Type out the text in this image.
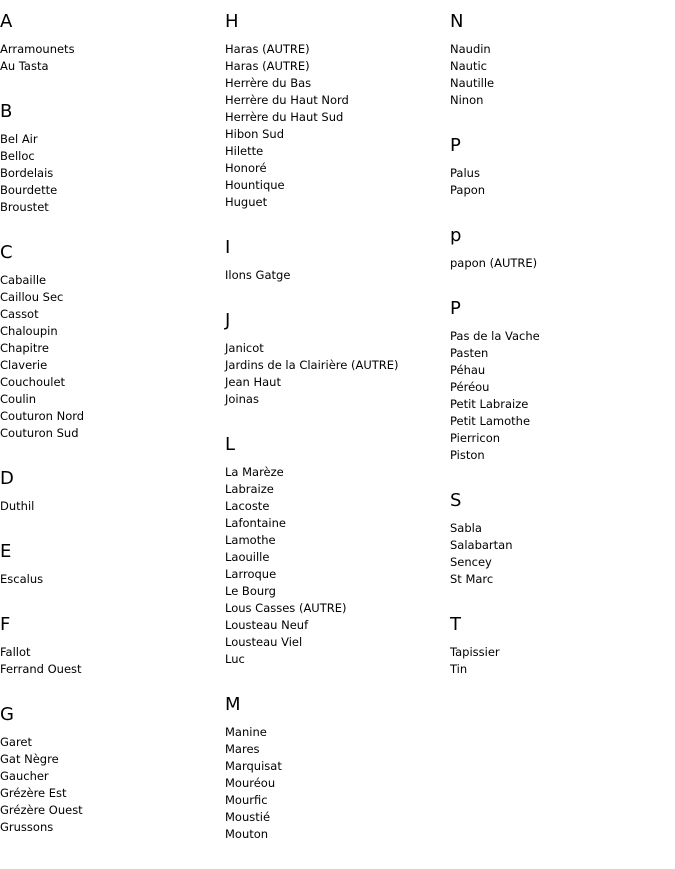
A
Arramounets
Au Tasta
B
Bel Air
Belloc
Bordelais
Bourdette
Broustet
C
Cabaille
Caillou Sec
Cassot
Chaloupin
Chapitre
Claverie
Couchoulet
Coulin
Couturon Nord
Couturon Sud
D
Duthil
E
Escalus
F
Fallot
Ferrand Ouest
G
Garet
Gat Nègre
Gaucher
Grézère Est
Grézère Ouest
Grussons
H
Haras (AUTRE)
Haras (AUTRE)
Herrère du Bas
Herrère du Haut Nord
Herrère du Haut Sud
Hibon Sud
Hilette
Honoré
Hountique
Huguet
I
Ilons Gatge
J
Janicot
Jardins de la Clairière (AUTRE)
Jean Haut
Joinas
L
La Marèze
Labraize
Lacoste
Lafontaine
Lamothe
Laouille
Larroque
Le Bourg
Lous Casses (AUTRE)
Lousteau Neuf
Lousteau Viel
Luc
M
Manine
Mares
Marquisat
Mouréou
Mourfic
Moustié
Mouton
N
Naudin
Nautic
Nautille
Ninon
P
Palus
Papon
p
papon (AUTRE)
P
Pas de la Vache
Pasten
Péhau
Péréou
Petit Labraize
Petit Lamothe
Pierricon
Piston
S
Sabla
Salabartan
Sencey
St Marc
T
Tapissier
Tin
